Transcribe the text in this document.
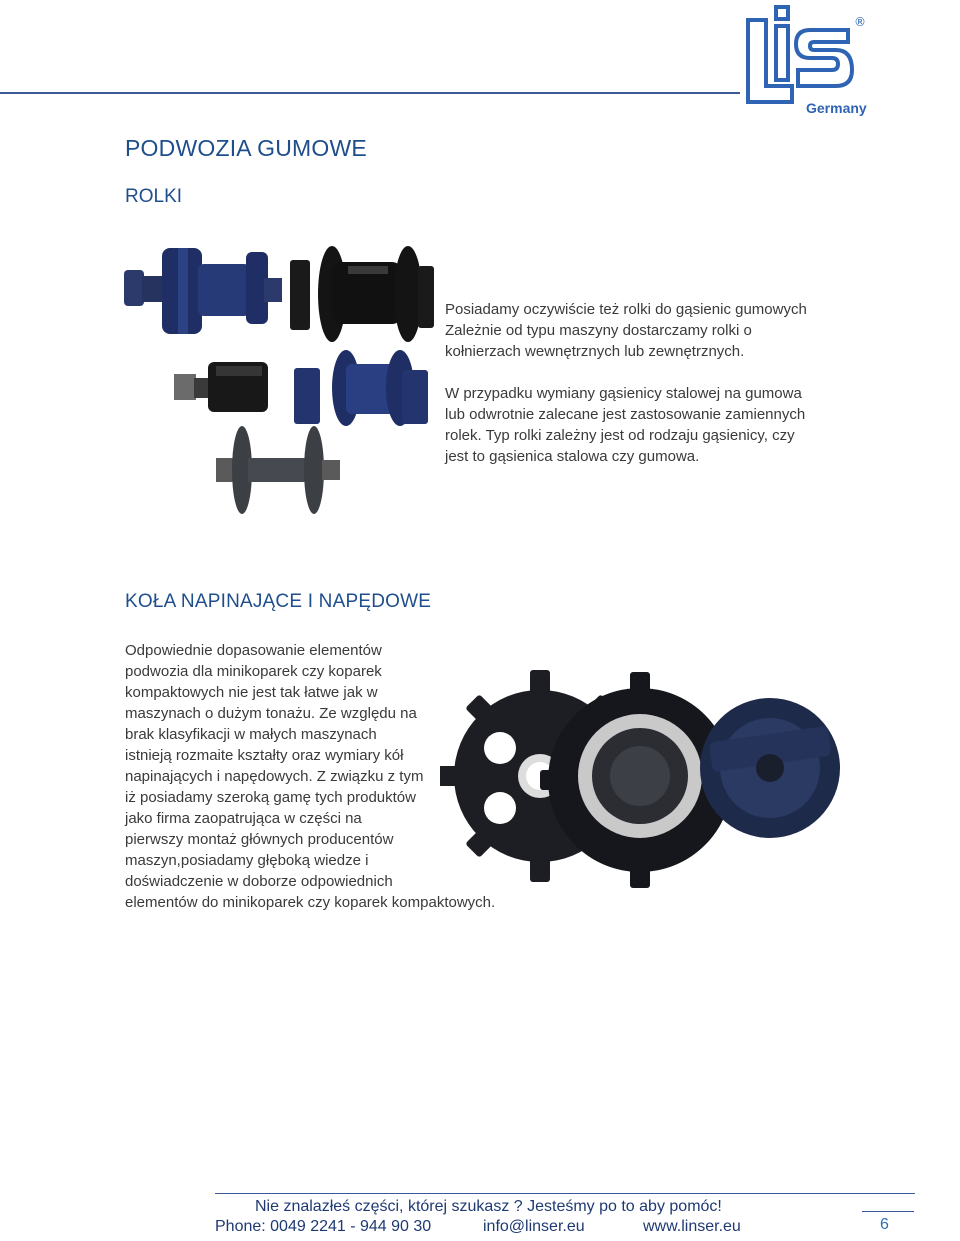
®
Germany
PODWOZIA GUMOWE
ROLKI

Posiadamy oczywiście też rolki do gąsienic gumowych

Zależnie od typu maszyny dostarczamy rolki o

kołnierzach wewnętrznych lub zewnętrznych.

W przypadku wymiany gąsienicy stalowej na gumowa

lub odwrotnie zalecane jest zastosowanie zamiennych

rolek. Typ rolki zależny jest od rodzaju gąsienicy, czy

jest to gąsienica stalowa czy gumowa.

KOŁA NAPINAJĄCE I NAPĘDOWE
Odpowiednie dopasowanie elementów
podwozia dla minikoparek czy koparek
kompaktowych nie jest tak łatwe jak w
maszynach o dużym tonażu. Ze względu na
brak klasyfikacji w małych maszynach
istnieją rozmaite kształty oraz wymiary kół
napinających i napędowych. Z związku z tym
iż posiadamy szeroką gamę tych produktów
jako firma zaopatrująca w części na
pierwszy montaż głównych producentów
maszyn,posiadamy głęboką wiedze i
doświadczenie w doborze odpowiednich
elementów do minikoparek czy koparek kompaktowych.
Nie znalazłeś części, której szukasz ? Jesteśmy po to aby pomóc!
Phone: 0049 2241 - 944 90 30	info@linser.eu	www.linser.eu	6
